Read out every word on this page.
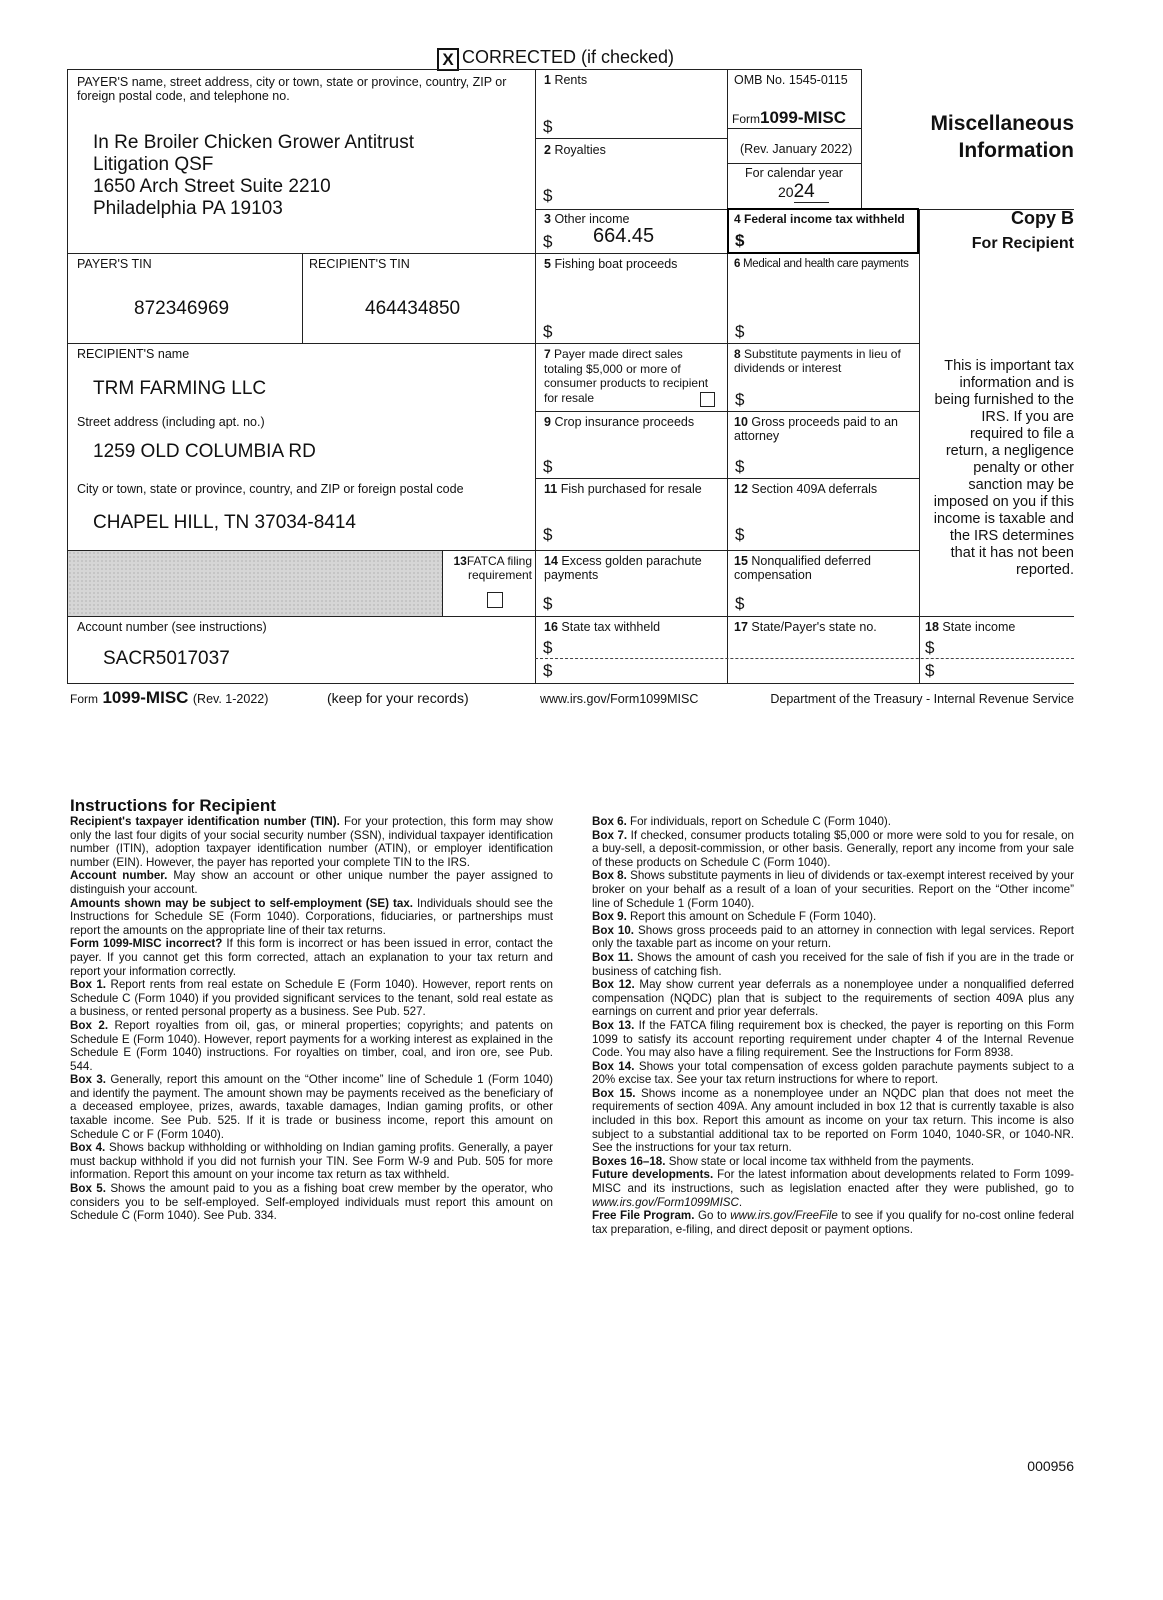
X CORRECTED (if checked)
PAYER'S name, street address, city or town, state or province, country, ZIP or foreign postal code, and telephone no.
In Re Broiler Chicken Grower Antitrust
Litigation QSF
1650 Arch Street Suite 2210
Philadelphia PA 19103
1 Rents
$
2 Royalties
$
3 Other income
$ 664.45
OMB No. 1545-0115
Form1099-MISC
(Rev. January 2022)
For calendar year
2024
Miscellaneous
Information
4 Federal income tax withheld
$
Copy B
For Recipient
PAYER'S TIN
872346969
RECIPIENT'S TIN
464434850
5 Fishing boat proceeds
$
6 Medical and health care payments
$
RECIPIENT'S name
TRM FARMING LLC
7 Payer made direct sales totaling $5,000 or more of consumer products to recipient for resale
8 Substitute payments in lieu of dividends or interest
$
This is important tax information and is being furnished to the IRS. If you are required to file a return, a negligence penalty or other sanction may be imposed on you if this income is taxable and the IRS determines that it has not been reported.
Street address (including apt. no.)
1259 OLD COLUMBIA RD
9 Crop insurance proceeds
$
10 Gross proceeds paid to an attorney
$
City or town, state or province, country, and ZIP or foreign postal code
CHAPEL HILL, TN 37034-8414
11 Fish purchased for resale
$
12 Section 409A deferrals
$
13FATCA filing requirement
14 Excess golden parachute payments
$
15 Nonqualified deferred compensation
$
Account number (see instructions)
SACR5017037
16 State tax withheld
$
$
17 State/Payer's state no.	18 State income
$
$
Form 1099-MISC (Rev. 1-2022)	(keep for your records)	www.irs.gov/Form1099MISC	Department of the Treasury - Internal Revenue Service
Instructions for Recipient

Recipient's taxpayer identification number (TIN). For your protection, this form may show only the last four digits of your social security number (SSN), individual taxpayer identification number (ITIN), adoption taxpayer identification number (ATIN), or employer identification number (EIN). However, the payer has reported your complete TIN to the IRS.

Account number. May show an account or other unique number the payer assigned to distinguish your account.

Amounts shown may be subject to self-employment (SE) tax. Individuals should see the Instructions for Schedule SE (Form 1040). Corporations, fiduciaries, or partnerships must report the amounts on the appropriate line of their tax returns.

Form 1099-MISC incorrect? If this form is incorrect or has been issued in error, contact the payer. If you cannot get this form corrected, attach an explanation to your tax return and report your information correctly.

Box 1. Report rents from real estate on Schedule E (Form 1040). However, report rents on Schedule C (Form 1040) if you provided significant services to the tenant, sold real estate as a business, or rented personal property as a business. See Pub. 527.

Box 2. Report royalties from oil, gas, or mineral properties; copyrights; and patents on Schedule E (Form 1040). However, report payments for a working interest as explained in the Schedule E (Form 1040) instructions. For royalties on timber, coal, and iron ore, see Pub. 544.

Box 3. Generally, report this amount on the “Other income” line of Schedule 1 (Form 1040) and identify the payment. The amount shown may be payments received as the beneficiary of a deceased employee, prizes, awards, taxable damages, Indian gaming profits, or other taxable income. See Pub. 525. If it is trade or business income, report this amount on Schedule C or F (Form 1040).

Box 4. Shows backup withholding or withholding on Indian gaming profits. Generally, a payer must backup withhold if you did not furnish your TIN. See Form W-9 and Pub. 505 for more information. Report this amount on your income tax return as tax withheld.

Box 5. Shows the amount paid to you as a fishing boat crew member by the operator, who considers you to be self-employed. Self-employed individuals must report this amount on Schedule C (Form 1040). See Pub. 334.

Box 6. For individuals, report on Schedule C (Form 1040).

Box 7. If checked, consumer products totaling $5,000 or more were sold to you for resale, on a buy-sell, a deposit-commission, or other basis. Generally, report any income from your sale of these products on Schedule C (Form 1040).

Box 8. Shows substitute payments in lieu of dividends or tax-exempt interest received by your broker on your behalf as a result of a loan of your securities. Report on the “Other income” line of Schedule 1 (Form 1040).

Box 9. Report this amount on Schedule F (Form 1040).

Box 10. Shows gross proceeds paid to an attorney in connection with legal services. Report only the taxable part as income on your return.

Box 11. Shows the amount of cash you received for the sale of fish if you are in the trade or business of catching fish.

Box 12. May show current year deferrals as a nonemployee under a nonqualified deferred compensation (NQDC) plan that is subject to the requirements of section 409A plus any earnings on current and prior year deferrals.

Box 13. If the FATCA filing requirement box is checked, the payer is reporting on this Form 1099 to satisfy its account reporting requirement under chapter 4 of the Internal Revenue Code. You may also have a filing requirement. See the Instructions for Form 8938.

Box 14. Shows your total compensation of excess golden parachute payments subject to a 20% excise tax. See your tax return instructions for where to report.

Box 15. Shows income as a nonemployee under an NQDC plan that does not meet the requirements of section 409A. Any amount included in box 12 that is currently taxable is also included in this box. Report this amount as income on your tax return. This income is also subject to a substantial additional tax to be reported on Form 1040, 1040-SR, or 1040-NR. See the instructions for your tax return.

Boxes 16–18. Show state or local income tax withheld from the payments.

Future developments. For the latest information about developments related to Form 1099-MISC and its instructions, such as legislation enacted after they were published, go to www.irs.gov/Form1099MISC.

Free File Program. Go to www.irs.gov/FreeFile to see if you qualify for no-cost online federal tax preparation, e-filing, and direct deposit or payment options.

000956
